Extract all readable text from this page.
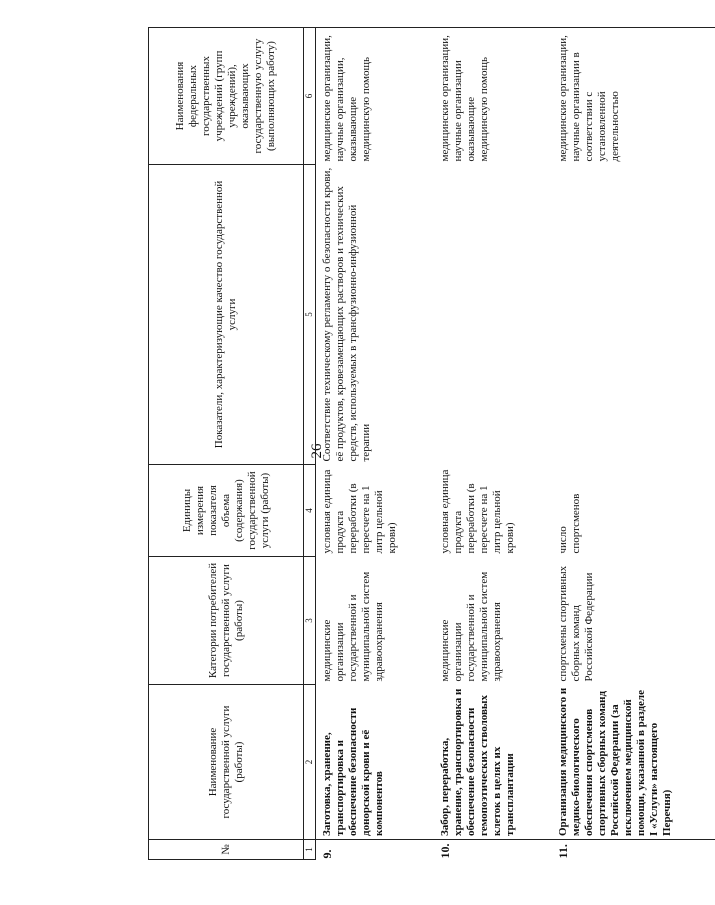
26
№	Наименование государственной услуги (работы)	Категории потребителей государственной услуги (работы)	Единицы измерения показателя объема (содержания) государственной услуги (работы)	Показатели, характеризующие качество государственной услуги	Наименования федеральных государственных учреждений (групп учреждений), оказывающих государственную услугу (выполняющих работу)
1	2	3	4	5	6
9.	Заготовка, хранение, транспортировка и обеспечение безопасности донорской крови и её компонентов	медицинские организации государственной и муниципальной систем здравоохранения	условная единица продукта переработки (в пересчете на 1 литр цельной крови)	Соответствие техническому регламенту о безопасности крови, её продуктов, кровезамещающих растворов и технических средств, используемых в трансфузионно-инфузионной терапии	медицинские организации, научные организации, оказывающие медицинскую помощь
10.	Забор, переработка, хранение, транспортировка и обеспечение безопасности гемопоэтических стволовых клеток в целях их трансплантации	медицинские организации государственной и муниципальной систем здравоохранения	условная единица продукта переработки (в пересчете на 1 литр цельной крови)		медицинские организации, научные организации оказывающие медицинскую помощь
11.	Организация медицинского и медико-биологического обеспечения спортсменов спортивных сборных команд Российской Федерации (за исключением медицинской помощи, указанной в разделе I «Услуги» настоящего Перечня)	спортсмены спортивных сборных команд Российской Федерации	число спортсменов		медицинские организации, научные организации в соответствии с установленной деятельностью
